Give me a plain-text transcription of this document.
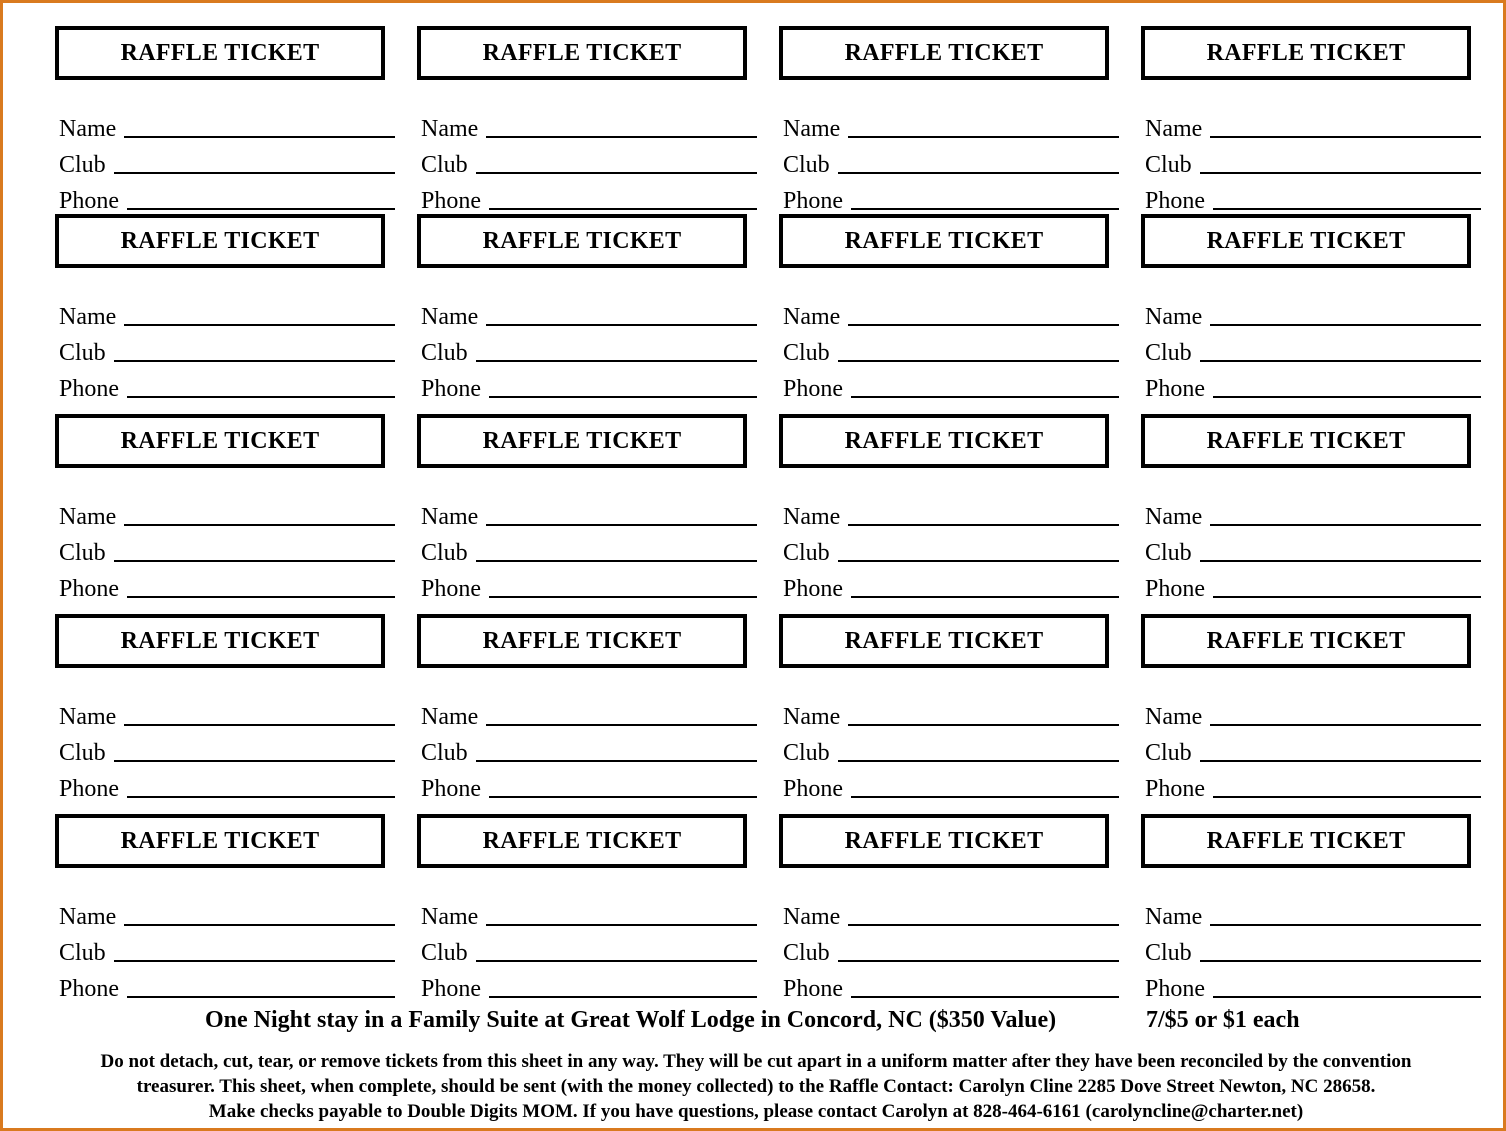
RAFFLE TICKET
Name
Club
Phone
RAFFLE TICKET
Name
Club
Phone
RAFFLE TICKET
Name
Club
Phone
RAFFLE TICKET
Name
Club
Phone
RAFFLE TICKET
Name
Club
Phone
RAFFLE TICKET
Name
Club
Phone
RAFFLE TICKET
Name
Club
Phone
RAFFLE TICKET
Name
Club
Phone
RAFFLE TICKET
Name
Club
Phone
RAFFLE TICKET
Name
Club
Phone
RAFFLE TICKET
Name
Club
Phone
RAFFLE TICKET
Name
Club
Phone
RAFFLE TICKET
Name
Club
Phone
RAFFLE TICKET
Name
Club
Phone
RAFFLE TICKET
Name
Club
Phone
RAFFLE TICKET
Name
Club
Phone
RAFFLE TICKET
Name
Club
Phone
RAFFLE TICKET
Name
Club
Phone
RAFFLE TICKET
Name
Club
Phone
RAFFLE TICKET
Name
Club
Phone
One Night stay in a Family Suite at Great Wolf Lodge in Concord, NC ($350 Value)	7/$5 or $1 each
Do not detach, cut, tear, or remove tickets from this sheet in any way. They will be cut apart in a uniform matter after they have been reconciled by the convention
treasurer. This sheet, when complete, should be sent (with the money collected) to the Raffle Contact: Carolyn Cline 2285 Dove Street Newton, NC 28658.
Make checks payable to Double Digits MOM. If you have questions, please contact Carolyn at 828-464-6161 (carolyncline@charter.net)
